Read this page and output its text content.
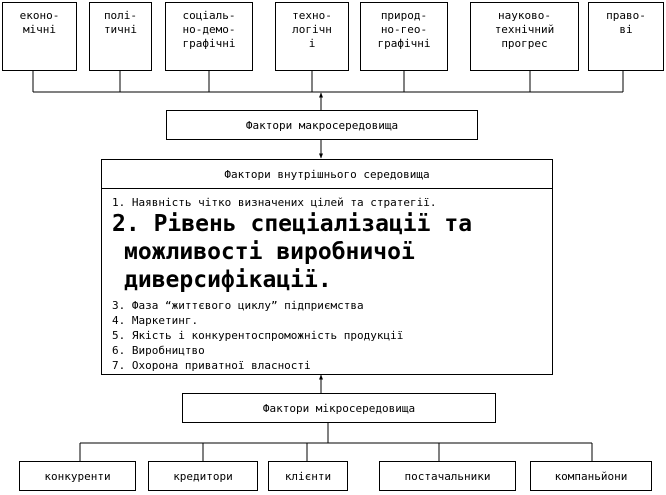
еконо-
мічні
полі-
тичні
соціаль-
но-демо-
графічні
техно-
логічн
і
природ-
но-гео-
графічні
науково-
технічний
прогрес
право-
ві
Фактори макросередовища
Фактори внутрішнього середовища
1. Наявність чітко визначених цілей та стратегії.
2. Рівень спеціалізації та
можливості виробничої
диверсифікації.
3. Фаза “життєвого циклу” підприємства
4. Маркетинг.
5. Якість і конкурентоспроможність продукції
6. Виробництво
7. Охорона приватної власності
Фактори мікросередовища
конкуренти	кредитори	клієнти	постачальники	компаньйони
